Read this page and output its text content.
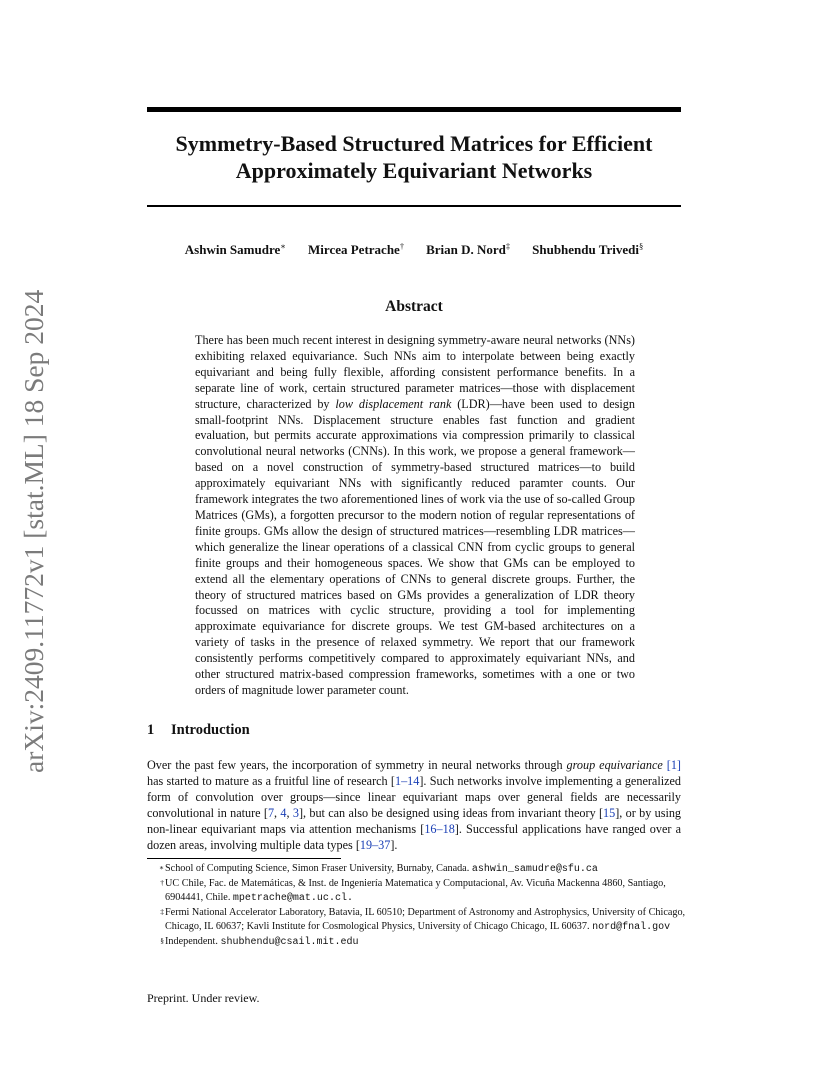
arXiv:2409.11772v1 [stat.ML] 18 Sep 2024
Symmetry-Based Structured Matrices for Efficient
Approximately Equivariant Networks
Ashwin Samudre∗ Mircea Petrache† Brian D. Nord‡ Shubhendu Trivedi§
Abstract
There has been much recent interest in designing symmetry-aware neural networks (NNs) exhibiting relaxed equivariance. Such NNs aim to interpolate between being exactly equivariant and being fully flexible, affording consistent performance benefits. In a separate line of work, certain structured parameter matrices—those with displacement structure, characterized by low displacement rank (LDR)—have been used to design small-footprint NNs. Displacement structure enables fast function and gradient evaluation, but permits accurate approximations via compression primarily to classical convolutional neural networks (CNNs). In this work, we propose a general framework—based on a novel construction of symmetry-based structured matrices—to build approximately equivariant NNs with significantly reduced paramter counts. Our framework integrates the two aforementioned lines of work via the use of so-called Group Matrices (GMs), a forgotten precursor to the modern notion of regular representations of finite groups. GMs allow the design of structured matrices—resembling LDR matrices—which generalize the linear operations of a classical CNN from cyclic groups to general finite groups and their homogeneous spaces. We show that GMs can be employed to extend all the elementary operations of CNNs to general discrete groups. Further, the theory of structured matrices based on GMs provides a generalization of LDR theory focussed on matrices with cyclic structure, providing a tool for implementing approximate equivariance for discrete groups. We test GM-based architectures on a variety of tasks in the presence of relaxed symmetry. We report that our framework consistently performs competitively compared to approximately equivariant NNs, and other structured matrix-based compression frameworks, sometimes with a one or two orders of magnitude lower parameter count.
1 Introduction
Over the past few years, the incorporation of symmetry in neural networks through group equivariance [1] has started to mature as a fruitful line of research [1–14]. Such networks involve implementing a generalized form of convolution over groups—since linear equivariant maps over general fields are necessarily convolutional in nature [7, 4, 3], but can also be designed using ideas from invariant theory [15], or by using non-linear equivariant maps via attention mechanisms [16–18]. Successful applications have ranged over a dozen areas, involving multiple data types [19–37].

∗School of Computing Science, Simon Fraser University, Burnaby, Canada. ashwin_samudre@sfu.ca

†UC Chile, Fac. de Matemáticas, & Inst. de Ingeniería Matematica y Computacional, Av. Vicuña Mackenna 4860, Santiago, 6904441, Chile. mpetrache@mat.uc.cl.

‡Fermi National Accelerator Laboratory, Batavia, IL 60510; Department of Astronomy and Astrophysics, University of Chicago, Chicago, IL 60637; Kavli Institute for Cosmological Physics, University of Chicago Chicago, IL 60637. nord@fnal.gov

§Independent. shubhendu@csail.mit.edu

Preprint. Under review.
